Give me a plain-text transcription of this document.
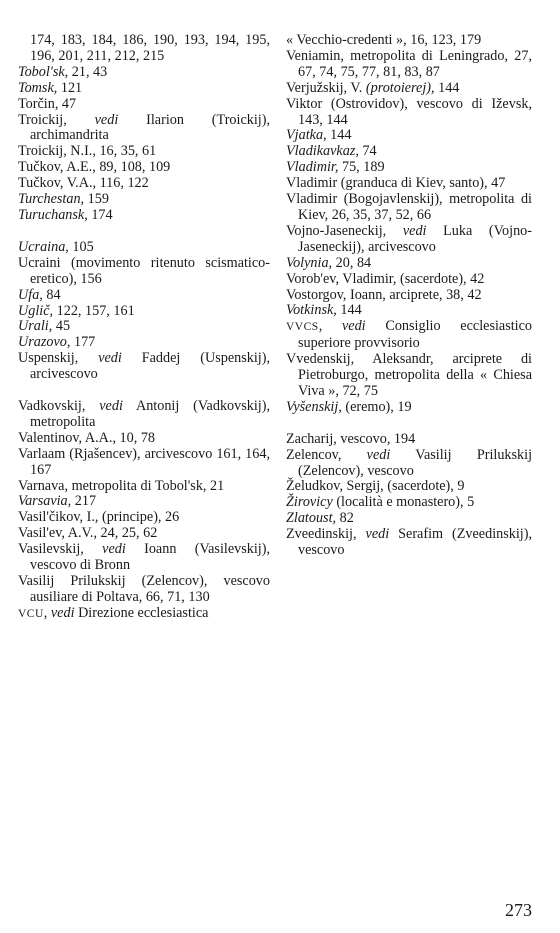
174, 183, 184, 186, 190, 193, 194, 195, 196, 201, 211, 212, 215
Tobol'sk, 21, 43
Tomsk, 121
Torčin, 47
Troickij, vedi Ilarion (Troickij), archimandrita
Troickij, N.I., 16, 35, 61
Tučkov, A.E., 89, 108, 109
Tučkov, V.A., 116, 122
Turchestan, 159
Turuchansk, 174
Ucraina, 105
Ucraini (movimento ritenuto scismatico-eretico), 156
Ufa, 84
Uglič, 122, 157, 161
Urali, 45
Urazovo, 177
Uspenskij, vedi Faddej (Uspenskij), arcivescovo
Vadkovskij, vedi Antonij (Vadkovskij), metropolita
Valentinov, A.A., 10, 78
Varlaam (Rjašencev), arcivescovo 161, 164, 167
Varnava, metropolita di Tobol'sk, 21
Varsavia, 217
Vasil'čikov, I., (principe), 26
Vasil'ev, A.V., 24, 25, 62
Vasilevskij, vedi Ioann (Vasilevskij), vescovo di Bronn
Vasilij Prilukskij (Zelencov), vescovo ausiliare di Poltava, 66, 71, 130
VCU, vedi Direzione ecclesiastica
« Vecchio-credenti », 16, 123, 179
Veniamin, metropolita di Leningrado, 27, 67, 74, 75, 77, 81, 83, 87
Verjužskij, V. (protoierej), 144
Viktor (Ostrovidov), vescovo di Iževsk, 143, 144
Vjatka, 144
Vladikavkaz, 74
Vladimir, 75, 189
Vladimir (granduca di Kiev, santo), 47
Vladimir (Bogojavlenskij), metropolita di Kiev, 26, 35, 37, 52, 66
Vojno-Jaseneckij, vedi Luka (Vojno-Jaseneckij), arcivescovo
Volynia, 20, 84
Vorob'ev, Vladimir, (sacerdote), 42
Vostorgov, Ioann, arciprete, 38, 42
Votkinsk, 144
VVCS, vedi Consiglio ecclesiastico superiore provvisorio
Vvedenskij, Aleksandr, arciprete di Pietroburgo, metropolita della « Chiesa Viva », 72, 75
Vyšenskij, (eremo), 19
Zacharij, vescovo, 194
Zelencov, vedi Vasilij Prilukskij (Zelencov), vescovo
Želudkov, Sergij, (sacerdote), 9
Žirovicy (località e monastero), 5
Zlatoust, 82
Zveedinskij, vedi Serafim (Zveedinskij), vescovo
273
